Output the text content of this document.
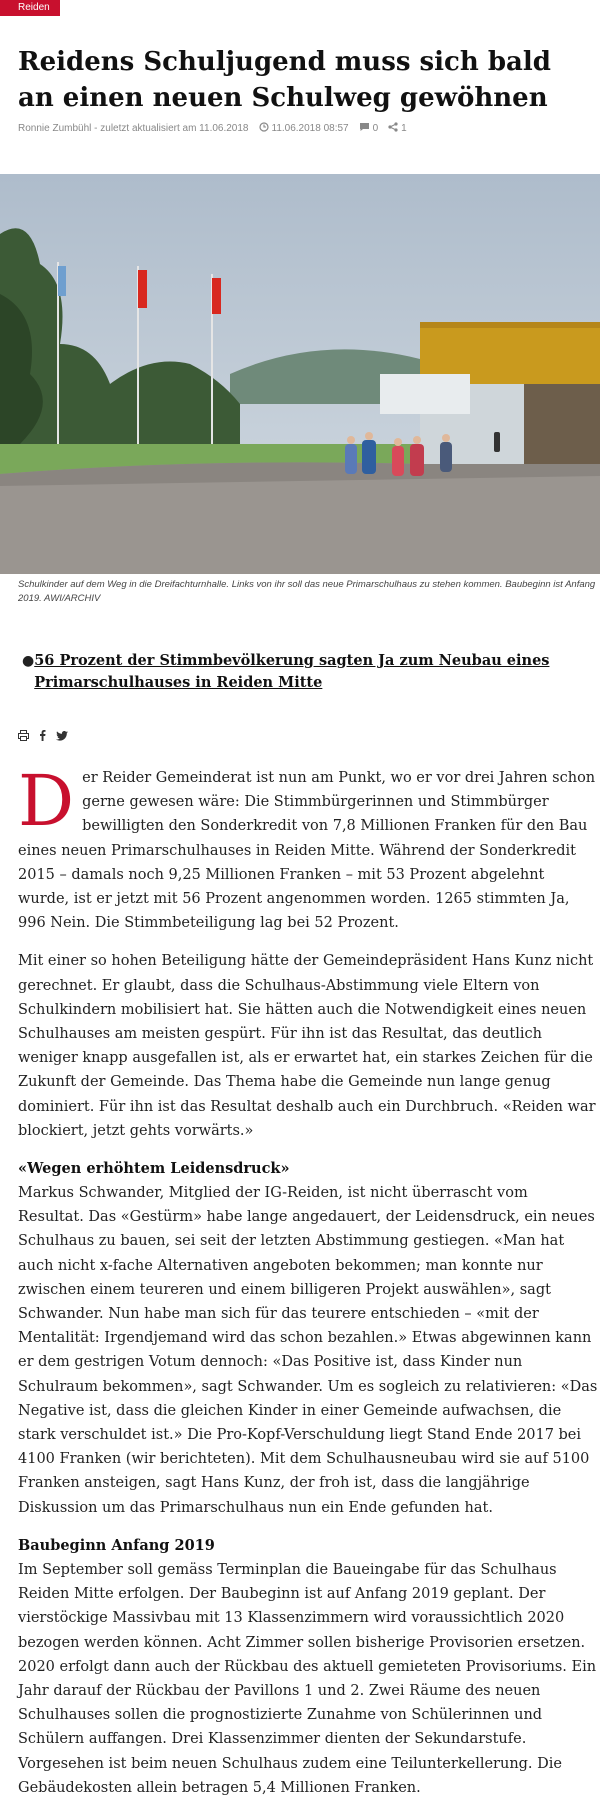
Reiden
Reidens Schuljugend muss sich bald an einen neuen Schulweg gewöhnen
Ronnie Zumbühl - zuletzt aktualisiert am 11.06.2018 11.06.2018 08:57 0 1
Schulkinder auf dem Weg in die Dreifachturnhalle. Links von ihr soll das neue Primarschulhaus zu stehen kommen. Baubeginn ist Anfang 2019. AWI/ARCHIV
● 56 Prozent der Stimmbevölkerung sagten Ja zum Neubau eines Primarschulhauses in Reiden Mitte

D er Reider Gemeinderat ist nun am Punkt, wo er vor drei Jahren schon gerne gewesen wäre: Die Stimmbürgerinnen und Stimmbürger bewilligten den Sonderkredit von 7,8 Millionen Franken für den Bau eines neuen Primarschulhauses in Reiden Mitte. Während der Sonderkredit 2015 – damals noch 9,25 Millionen Franken – mit 53 Prozent abgelehnt wurde, ist er jetzt mit 56 Prozent angenommen worden. 1265 stimmten Ja, 996 Nein. Die Stimmbeteiligung lag bei 52 Prozent.

Mit einer so hohen Beteiligung hätte der Gemeindepräsident Hans Kunz nicht gerechnet. Er glaubt, dass die Schulhaus-Abstimmung viele Eltern von Schulkindern mobilisiert hat. Sie hätten auch die Notwendigkeit eines neuen Schulhauses am meisten gespürt. Für ihn ist das Resultat, das deutlich weniger knapp ausgefallen ist, als er erwartet hat, ein starkes Zeichen für die Zukunft der Gemeinde. Das Thema habe die Gemeinde nun lange genug dominiert. Für ihn ist das Resultat deshalb auch ein Durchbruch. «Reiden war blockiert, jetzt gehts vorwärts.»

«Wegen erhöhtem Leidensdruck»

Markus Schwander, Mitglied der IG-Reiden, ist nicht überrascht vom Resultat. Das «Gestürm» habe lange angedauert, der Leidensdruck, ein neues Schulhaus zu bauen, sei seit der letzten Abstimmung gestiegen. «Man hat auch nicht x-fache Alternativen angeboten bekommen; man konnte nur zwischen einem teureren und einem billigeren Projekt auswählen», sagt Schwander. Nun habe man sich für das teurere entschieden – «mit der Mentalität: Irgendjemand wird das schon bezahlen.» Etwas abgewinnen kann er dem gestrigen Votum dennoch: «Das Positive ist, dass Kinder nun Schulraum bekommen», sagt Schwander. Um es sogleich zu relativieren: «Das Negative ist, dass die gleichen Kinder in einer Gemeinde aufwachsen, die stark verschuldet ist.» Die Pro-Kopf-Verschuldung liegt Stand Ende 2017 bei 4100 Franken (wir berichteten). Mit dem Schulhausneubau wird sie auf 5100 Franken ansteigen, sagt Hans Kunz, der froh ist, dass die langjährige Diskussion um das Primarschulhaus nun ein Ende gefunden hat.

Baubeginn Anfang 2019

Im September soll gemäss Terminplan die Baueingabe für das Schulhaus Reiden Mitte erfolgen. Der Baubeginn ist auf Anfang 2019 geplant. Der vierstöckige Massivbau mit 13 Klassenzimmern wird voraussichtlich 2020 bezogen werden können. Acht Zimmer sollen bisherige Provisorien ersetzen. 2020 erfolgt dann auch der Rückbau des aktuell gemieteten Provisoriums. Ein Jahr darauf der Rückbau der Pavillons 1 und 2. Zwei Räume des neuen Schulhauses sollen die prognostizierte Zunahme von Schülerinnen und Schülern auffangen. Drei Klassenzimmer dienten der Sekundarstufe. Vorgesehen ist beim neuen Schulhaus zudem eine Teilunterkellerung. Die Gebäudekosten allein betragen 5,4 Millionen Franken.
